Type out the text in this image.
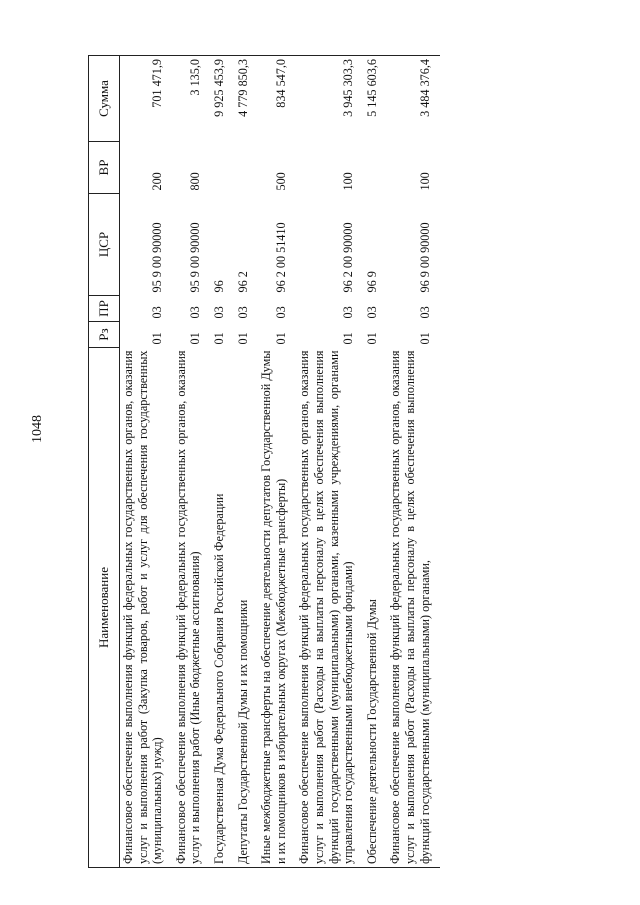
1048
Наименование	Рз	ПР	ЦСР	ВР	Сумма
Финансовое обеспечение выполнения функций федеральных государственных органов, оказания услуг и выполнения работ (Закупка товаров, работ и услуг для обеспечения государственных (муниципальных) нужд)	01	03	95 9 00 90000	200	701 471,9
Финансовое обеспечение выполнения функций федеральных государственных органов, оказания услуг и выполнения работ (Иные бюджетные ассигнования)	01	03	95 9 00 90000	800	3 135,0
Государственная Дума Федерального Собрания Российской Федерации	01	03	96		9 925 453,9
Депутаты Государственной Думы и их помощники	01	03	96 2		4 779 850,3
Иные межбюджетные трансферты на обеспечение деятельности депутатов Государственной Думы и их помощников в избирательных округах (Межбюджетные трансферты)	01	03	96 2 00 51410	500	834 547,0
Финансовое обеспечение выполнения функций федеральных государственных органов, оказания услуг и выполнения работ (Расходы на выплаты персоналу в целях обеспечения выполнения функций государственными (муниципальными) органами, казенными учреждениями, органами управления государственными внебюджетными фондами)	01	03	96 2 00 90000	100	3 945 303,3
Обеспечение деятельности Государственной Думы	01	03	96 9		5 145 603,6
Финансовое обеспечение выполнения функций федеральных государственных органов, оказания услуг и выполнения работ (Расходы на выплаты персоналу в целях обеспечения выполнения функций государственными (муниципальными) органами,	01	03	96 9 00 90000	100	3 484 376,4
